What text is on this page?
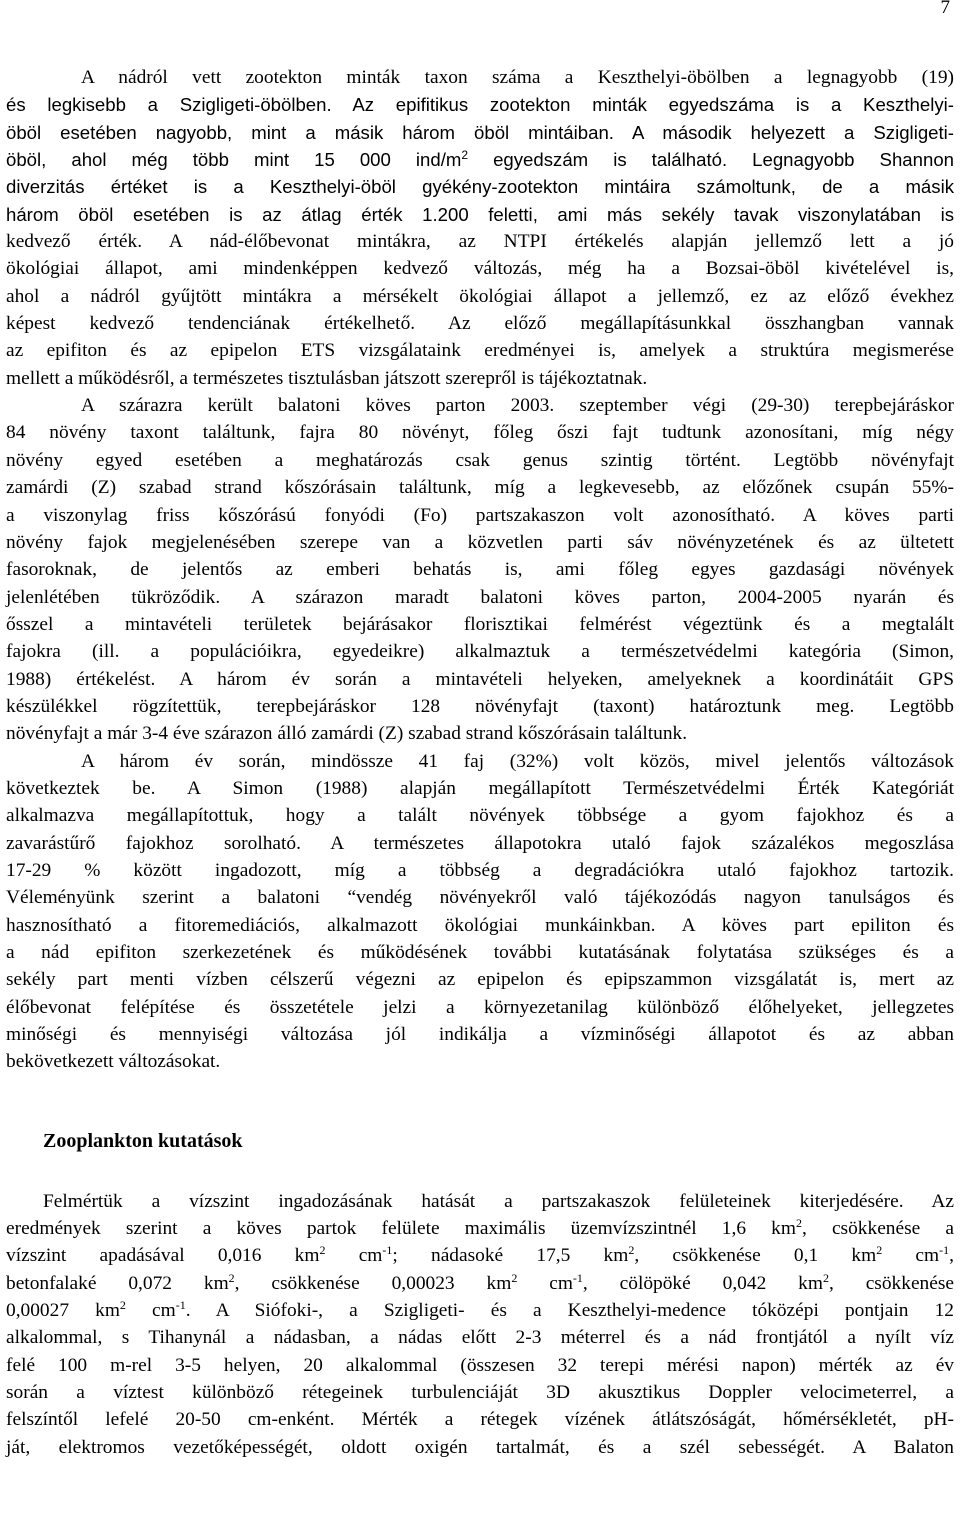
7
A nádról vett zootekton minták taxon száma a Keszthelyi-öbölben a legnagyobb (19)
és legkisebb a Szigligeti-öbölben. Az epifitikus zootekton minták egyedszáma is a Keszthelyi-
öböl esetében nagyobb, mint a másik három öböl mintáiban. A második helyezett a Szigligeti-
öböl, ahol még több mint 15 000 ind/$m^2$ egyedszám is található. Legnagyobb Shannon
diverzitás értéket is a Keszthelyi-öböl gyékény-zootekton mintáira számoltunk, de a másik
három öböl esetében is az átlag érték 1.200 feletti, ami más sekély tavak viszonylatában is
kedvező érték. A nád-élőbevonat mintákra, az NTPI értékelés alapján jellemző lett a jó
ökológiai állapot, ami mindenképpen kedvező változás, még ha a Bozsai-öböl kivételével is,
ahol a nádról gyűjtött mintákra a mérsékelt ökológiai állapot a jellemző, ez az előző évekhez
képest kedvező tendenciának értékelhető. Az előző megállapításunkkal összhangban vannak
az epifiton és az epipelon ETS vizsgálataink eredményei is, amelyek a struktúra megismerése
mellett a működésről, a természetes tisztulásban játszott szerepről is tájékoztatnak.
A szárazra került balatoni köves parton 2003. szeptember végi (29-30) terepbejáráskor
84 növény taxont találtunk, fajra 80 növényt, főleg őszi fajt tudtunk azonosítani, míg négy
növény egyed esetében a meghatározás csak genus szintig történt. Legtöbb növényfajt
zamárdi (Z) szabad strand kőszórásain találtunk, míg a legkevesebb, az előzőnek csupán 55%-
a viszonylag friss kőszórású fonyódi (Fo) partszakaszon volt azonosítható. A köves parti
növény fajok megjelenésében szerepe van a közvetlen parti sáv növényzetének és az ültetett
fasoroknak, de jelentős az emberi behatás is, ami főleg egyes gazdasági növények
jelenlétében tükröződik. A szárazon maradt balatoni köves parton, 2004-2005 nyarán és
ősszel a mintavételi területek bejárásakor florisztikai felmérést végeztünk és a megtalált
fajokra (ill. a populációikra, egyedeikre) alkalmaztuk a természetvédelmi kategória (Simon,
1988) értékelést. A három év során a mintavételi helyeken, amelyeknek a koordinátáit GPS
készülékkel rögzítettük, terepbejáráskor 128 növényfajt (taxont) határoztunk meg. Legtöbb
növényfajt a már 3-4 éve szárazon álló zamárdi (Z) szabad strand kőszórásain találtunk.
A három év során, mindössze 41 faj (32%) volt közös, mivel jelentős változások
következtek be. A Simon (1988) alapján megállapított Természetvédelmi Érték Kategóriát
alkalmazva megállapítottuk, hogy a talált növények többsége a gyom fajokhoz és a
zavarástűrő fajokhoz sorolható. A természetes állapotokra utaló fajok százalékos megoszlása
17-29 % között ingadozott, míg a többség a degradációkra utaló fajokhoz tartozik.
Véleményünk szerint a balatoni “vendég növényekről való tájékozódás nagyon tanulságos és
hasznosítható a fitoremediációs, alkalmazott ökológiai munkáinkban. A köves part epiliton és
a nád epifiton szerkezetének és működésének további kutatásának folytatása szükséges és a
sekély part menti vízben célszerű végezni az epipelon és epipszammon vizsgálatát is, mert az
élőbevonat felépítése és összetétele jelzi a környezetanilag különböző élőhelyeket, jellegzetes
minőségi és mennyiségi változása jól indikálja a vízminőségi állapotot és az abban
bekövetkezett változásokat.
Zooplankton kutatások
Felmértük a vízszint ingadozásának hatását a partszakaszok felületeinek kiterjedésére. Az
eredmények szerint a köves partok felülete maximális üzemvízszintnél 1,6 $km^2$, csökkenése a
vízszint apadásával 0,016 $km^2$ $cm^{-1}$; nádasoké 17,5 $km^2$, csökkenése 0,1 $km^2$ $cm^{-1}$,
betonfalaké 0,072 $km^2$, csökkenése 0,00023 $km^2$ $cm^{-1}$, cölöpöké 0,042 $km^2$, csökkenése
0,00027 $km^2$ $cm^{-1}$. A Siófoki-, a Szigligeti- és a Keszthelyi-medence tóközépi pontjain 12
alkalommal, s Tihanynál a nádasban, a nádas előtt 2-3 méterrel és a nád frontjától a nyílt víz
felé 100 m-rel 3-5 helyen, 20 alkalommal (összesen 32 terepi mérési napon) mérték az év
során a víztest különböző rétegeinek turbulenciáját 3D akusztikus Doppler velocimeterrel, a
felszíntől lefelé 20-50 cm-enként. Mérték a rétegek vízének átlátszóságát, hőmérsékletét, pH-
ját, elektromos vezetőképességét, oldott oxigén tartalmát, és a szél sebességét. A Balaton
